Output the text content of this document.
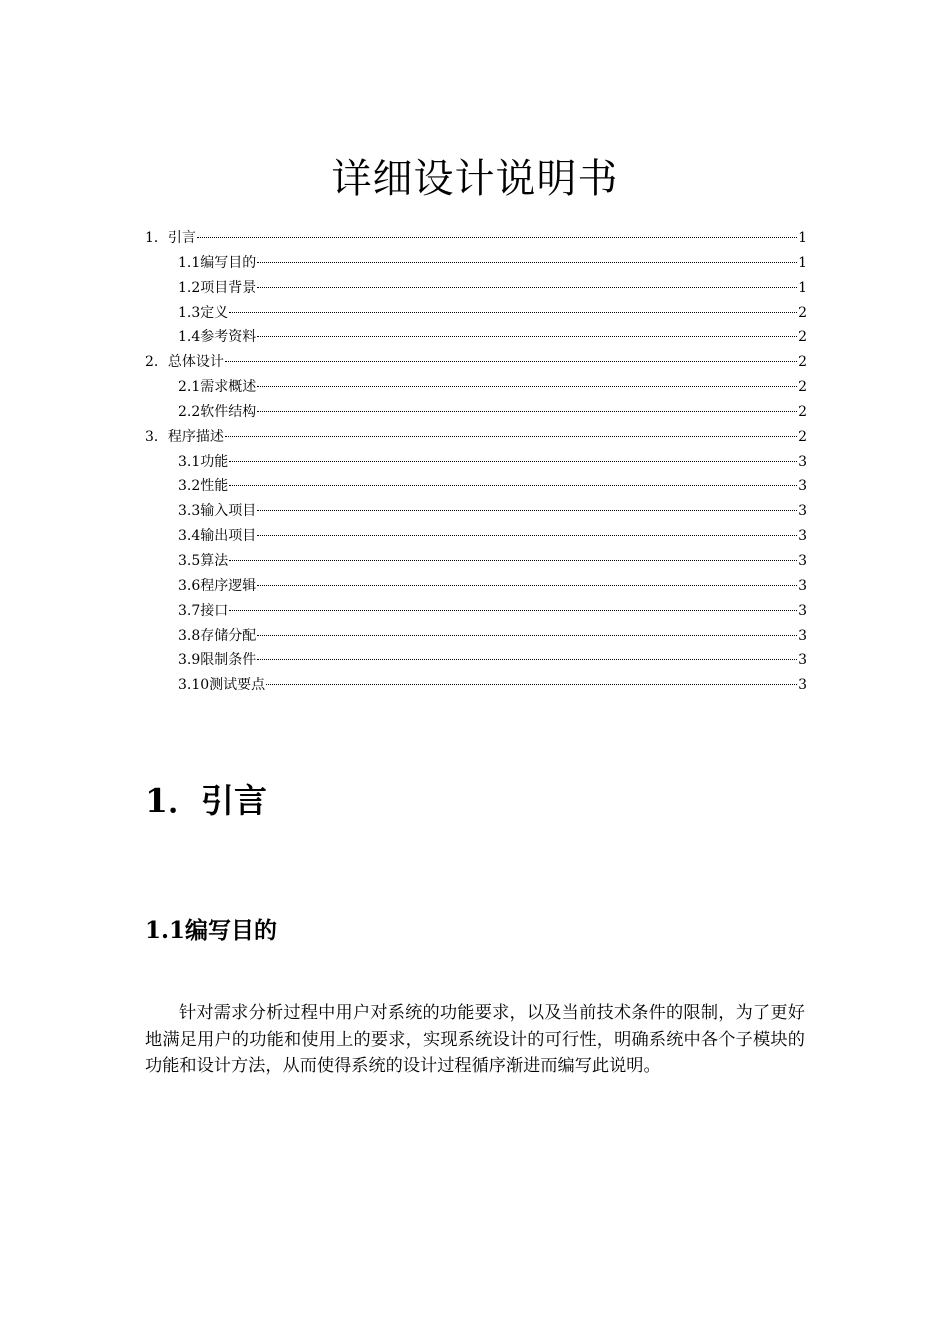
详细设计说明书
1．引言	1
1.1编写目的	1
1.2项目背景	1
1.3定义	2
1.4参考资料	2
2．总体设计	2
2.1需求概述	2
2.2软件结构	2
3．程序描述	2
3.1功能	3
3.2性能	3
3.3输入项目	3
3.4输出项目	3
3.5算法	3
3.6程序逻辑	3
3.7接口	3
3.8存储分配	3
3.9限制条件	3
3.10测试要点	3
1．引言
1.1编写目的

针对需求分析过程中用户对系统的功能要求，以及当前技术条件的限制，为了更好地满足用户的功能和使用上的要求，实现系统设计的可行性，明确系统中各个子模块的功能和设计方法，从而使得系统的设计过程循序渐进而编写此说明。
